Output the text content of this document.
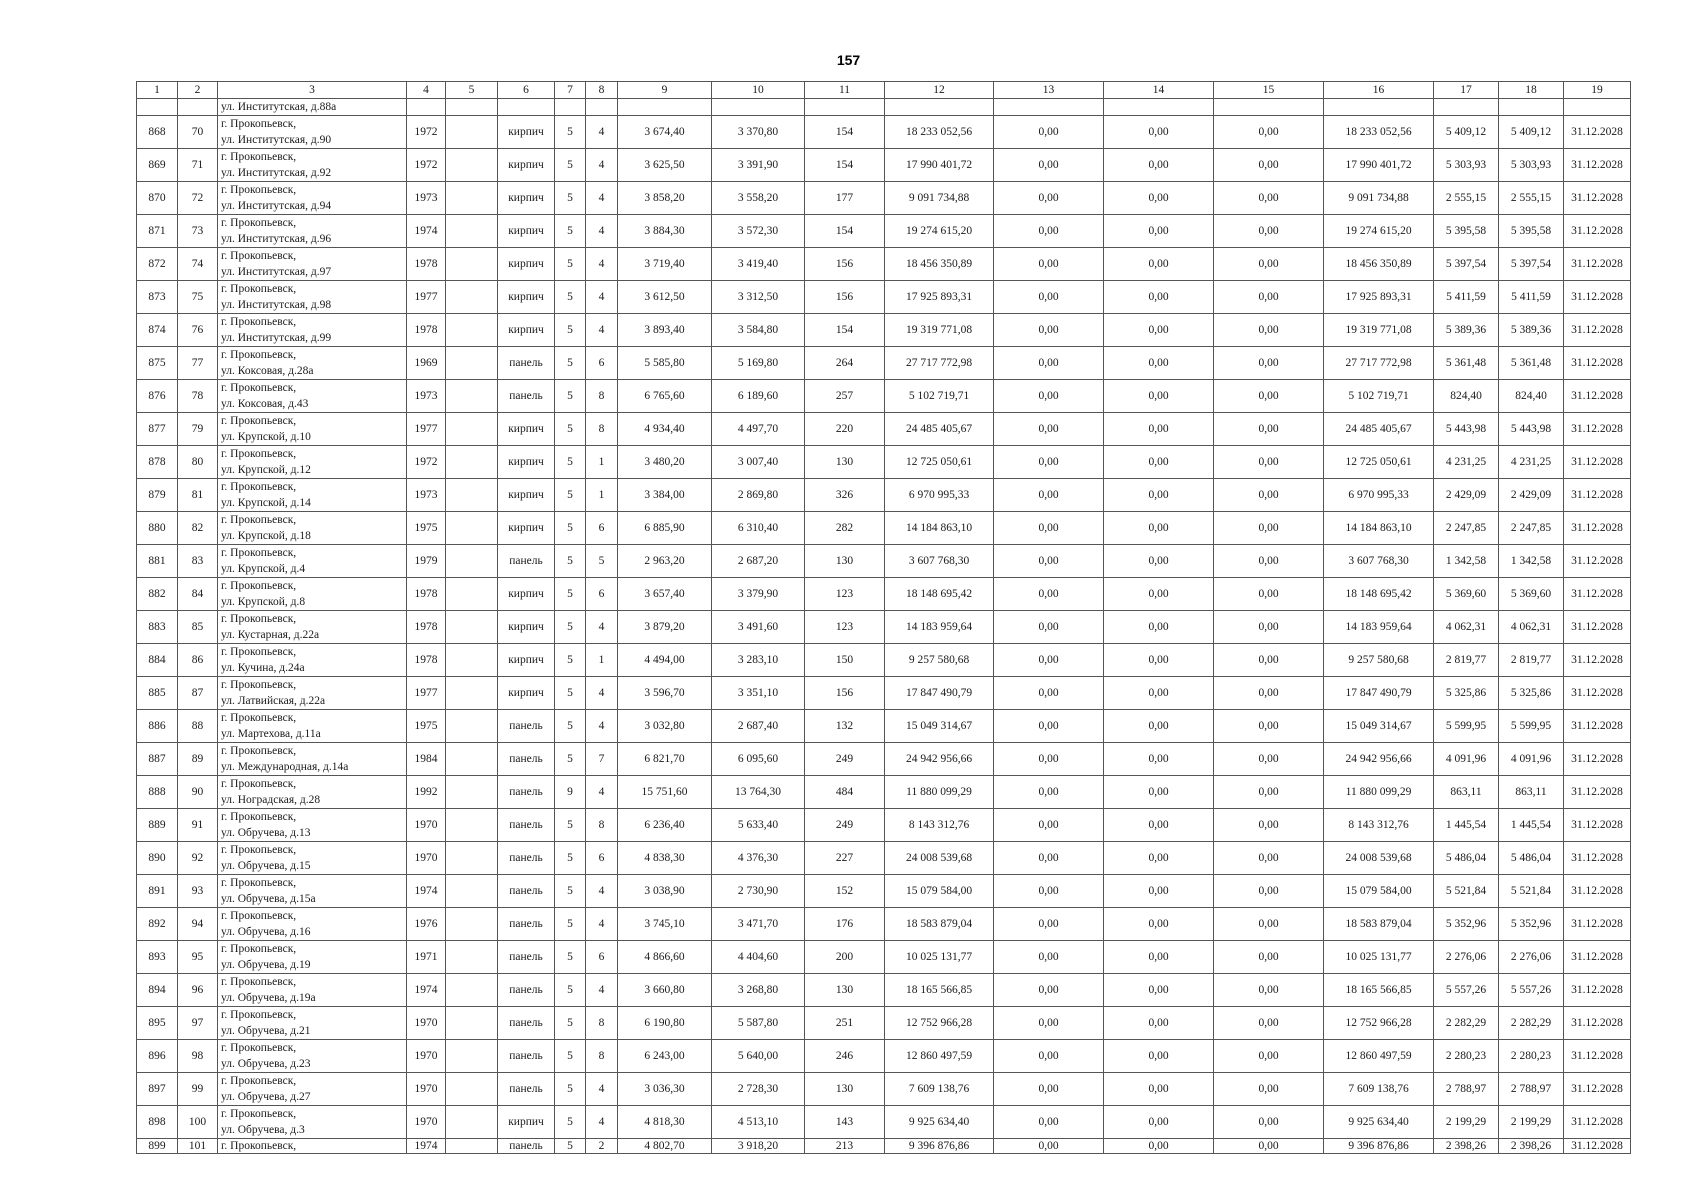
157
1	2	3	4	5	6	7	8	9	10	11	12	13	14	15	16	17	18	19

		ул. Институтская, д.88а																

868	70	г. Прокопьевск,
ул. Институтская, д.90	1972		кирпич	5	4	3 674,40	3 370,80	154	18 233 052,56	0,00	0,00	0,00	18 233 052,56	5 409,12	5 409,12	31.12.2028
869	71	г. Прокопьевск,
ул. Институтская, д.92	1972		кирпич	5	4	3 625,50	3 391,90	154	17 990 401,72	0,00	0,00	0,00	17 990 401,72	5 303,93	5 303,93	31.12.2028
870	72	г. Прокопьевск,
ул. Институтская, д.94	1973		кирпич	5	4	3 858,20	3 558,20	177	9 091 734,88	0,00	0,00	0,00	9 091 734,88	2 555,15	2 555,15	31.12.2028
871	73	г. Прокопьевск,
ул. Институтская, д.96	1974		кирпич	5	4	3 884,30	3 572,30	154	19 274 615,20	0,00	0,00	0,00	19 274 615,20	5 395,58	5 395,58	31.12.2028
872	74	г. Прокопьевск,
ул. Институтская, д.97	1978		кирпич	5	4	3 719,40	3 419,40	156	18 456 350,89	0,00	0,00	0,00	18 456 350,89	5 397,54	5 397,54	31.12.2028
873	75	г. Прокопьевск,
ул. Институтская, д.98	1977		кирпич	5	4	3 612,50	3 312,50	156	17 925 893,31	0,00	0,00	0,00	17 925 893,31	5 411,59	5 411,59	31.12.2028
874	76	г. Прокопьевск,
ул. Институтская, д.99	1978		кирпич	5	4	3 893,40	3 584,80	154	19 319 771,08	0,00	0,00	0,00	19 319 771,08	5 389,36	5 389,36	31.12.2028
875	77	г. Прокопьевск,
ул. Коксовая, д.28а	1969		панель	5	6	5 585,80	5 169,80	264	27 717 772,98	0,00	0,00	0,00	27 717 772,98	5 361,48	5 361,48	31.12.2028
876	78	г. Прокопьевск,
ул. Коксовая, д.43	1973		панель	5	8	6 765,60	6 189,60	257	5 102 719,71	0,00	0,00	0,00	5 102 719,71	824,40	824,40	31.12.2028
877	79	г. Прокопьевск,
ул. Крупской, д.10	1977		кирпич	5	8	4 934,40	4 497,70	220	24 485 405,67	0,00	0,00	0,00	24 485 405,67	5 443,98	5 443,98	31.12.2028
878	80	г. Прокопьевск,
ул. Крупской, д.12	1972		кирпич	5	1	3 480,20	3 007,40	130	12 725 050,61	0,00	0,00	0,00	12 725 050,61	4 231,25	4 231,25	31.12.2028
879	81	г. Прокопьевск,
ул. Крупской, д.14	1973		кирпич	5	1	3 384,00	2 869,80	326	6 970 995,33	0,00	0,00	0,00	6 970 995,33	2 429,09	2 429,09	31.12.2028
880	82	г. Прокопьевск,
ул. Крупской, д.18	1975		кирпич	5	6	6 885,90	6 310,40	282	14 184 863,10	0,00	0,00	0,00	14 184 863,10	2 247,85	2 247,85	31.12.2028
881	83	г. Прокопьевск,
ул. Крупской, д.4	1979		панель	5	5	2 963,20	2 687,20	130	3 607 768,30	0,00	0,00	0,00	3 607 768,30	1 342,58	1 342,58	31.12.2028
882	84	г. Прокопьевск,
ул. Крупской, д.8	1978		кирпич	5	6	3 657,40	3 379,90	123	18 148 695,42	0,00	0,00	0,00	18 148 695,42	5 369,60	5 369,60	31.12.2028
883	85	г. Прокопьевск,
ул. Кустарная, д.22а	1978		кирпич	5	4	3 879,20	3 491,60	123	14 183 959,64	0,00	0,00	0,00	14 183 959,64	4 062,31	4 062,31	31.12.2028
884	86	г. Прокопьевск,
ул. Кучина, д.24а	1978		кирпич	5	1	4 494,00	3 283,10	150	9 257 580,68	0,00	0,00	0,00	9 257 580,68	2 819,77	2 819,77	31.12.2028
885	87	г. Прокопьевск,
ул. Латвийская, д.22а	1977		кирпич	5	4	3 596,70	3 351,10	156	17 847 490,79	0,00	0,00	0,00	17 847 490,79	5 325,86	5 325,86	31.12.2028
886	88	г. Прокопьевск,
ул. Мартехова, д.11а	1975		панель	5	4	3 032,80	2 687,40	132	15 049 314,67	0,00	0,00	0,00	15 049 314,67	5 599,95	5 599,95	31.12.2028
887	89	г. Прокопьевск,
ул. Международная, д.14а	1984		панель	5	7	6 821,70	6 095,60	249	24 942 956,66	0,00	0,00	0,00	24 942 956,66	4 091,96	4 091,96	31.12.2028
888	90	г. Прокопьевск,
ул. Ноградская, д.28	1992		панель	9	4	15 751,60	13 764,30	484	11 880 099,29	0,00	0,00	0,00	11 880 099,29	863,11	863,11	31.12.2028
889	91	г. Прокопьевск,
ул. Обручева, д.13	1970		панель	5	8	6 236,40	5 633,40	249	8 143 312,76	0,00	0,00	0,00	8 143 312,76	1 445,54	1 445,54	31.12.2028
890	92	г. Прокопьевск,
ул. Обручева, д.15	1970		панель	5	6	4 838,30	4 376,30	227	24 008 539,68	0,00	0,00	0,00	24 008 539,68	5 486,04	5 486,04	31.12.2028
891	93	г. Прокопьевск,
ул. Обручева, д.15а	1974		панель	5	4	3 038,90	2 730,90	152	15 079 584,00	0,00	0,00	0,00	15 079 584,00	5 521,84	5 521,84	31.12.2028
892	94	г. Прокопьевск,
ул. Обручева, д.16	1976		панель	5	4	3 745,10	3 471,70	176	18 583 879,04	0,00	0,00	0,00	18 583 879,04	5 352,96	5 352,96	31.12.2028
893	95	г. Прокопьевск,
ул. Обручева, д.19	1971		панель	5	6	4 866,60	4 404,60	200	10 025 131,77	0,00	0,00	0,00	10 025 131,77	2 276,06	2 276,06	31.12.2028
894	96	г. Прокопьевск,
ул. Обручева, д.19а	1974		панель	5	4	3 660,80	3 268,80	130	18 165 566,85	0,00	0,00	0,00	18 165 566,85	5 557,26	5 557,26	31.12.2028
895	97	г. Прокопьевск,
ул. Обручева, д.21	1970		панель	5	8	6 190,80	5 587,80	251	12 752 966,28	0,00	0,00	0,00	12 752 966,28	2 282,29	2 282,29	31.12.2028
896	98	г. Прокопьевск,
ул. Обручева, д.23	1970		панель	5	8	6 243,00	5 640,00	246	12 860 497,59	0,00	0,00	0,00	12 860 497,59	2 280,23	2 280,23	31.12.2028
897	99	г. Прокопьевск,
ул. Обручева, д.27	1970		панель	5	4	3 036,30	2 728,30	130	7 609 138,76	0,00	0,00	0,00	7 609 138,76	2 788,97	2 788,97	31.12.2028
898	100	г. Прокопьевск,
ул. Обручева, д.3	1970		кирпич	5	4	4 818,30	4 513,10	143	9 925 634,40	0,00	0,00	0,00	9 925 634,40	2 199,29	2 199,29	31.12.2028
899	101	г. Прокопьевск,	1974		панель	5	2	4 802,70	3 918,20	213	9 396 876,86	0,00	0,00	0,00	9 396 876,86	2 398,26	2 398,26	31.12.2028
